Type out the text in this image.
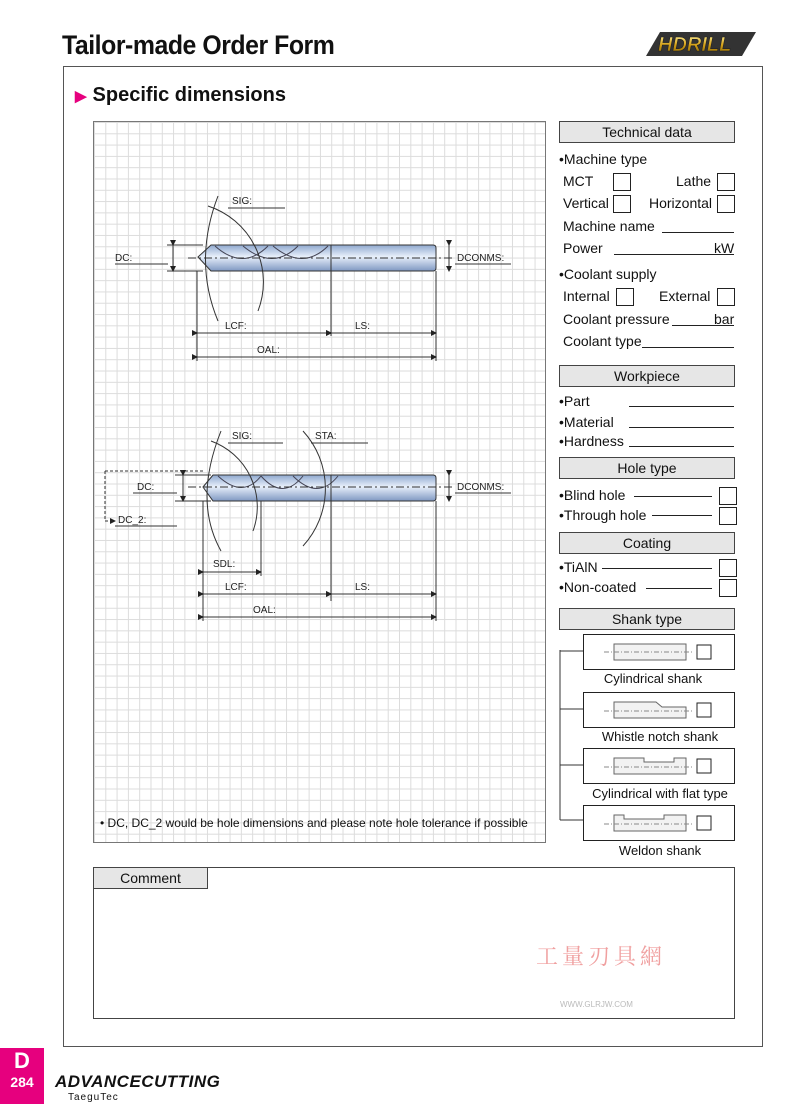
Tailor-made Order Form	HDRILL
▶ Specific dimensions
SIG:
DC:	DCONMS:
LCF:	LS:
OAL:
SIG:	STA:
DC:
DC_2:
DCONMS:
SDL:
LCF:	LS:
OAL:
• DC, DC_2 would be hole dimensions and please note hole tolerance if possible
Technical data
•Machine type
MCT	Lathe
Vertical	Horizontal
Machine name
Power	kW
•Coolant supply
Internal	External
Coolant pressure	bar
Coolant type
Workpiece
•Part
•Material
•Hardness
Hole type
•Blind hole
•Through hole
Coating
•TiAlN
•Non-coated
Shank type
Cylindrical shank
Whistle notch shank
Cylindrical with flat type
Weldon shank
Comment
工量刃具網
WWW.GLRJW.COM
D
284	ADVANCECUTTING
TaeguTec
